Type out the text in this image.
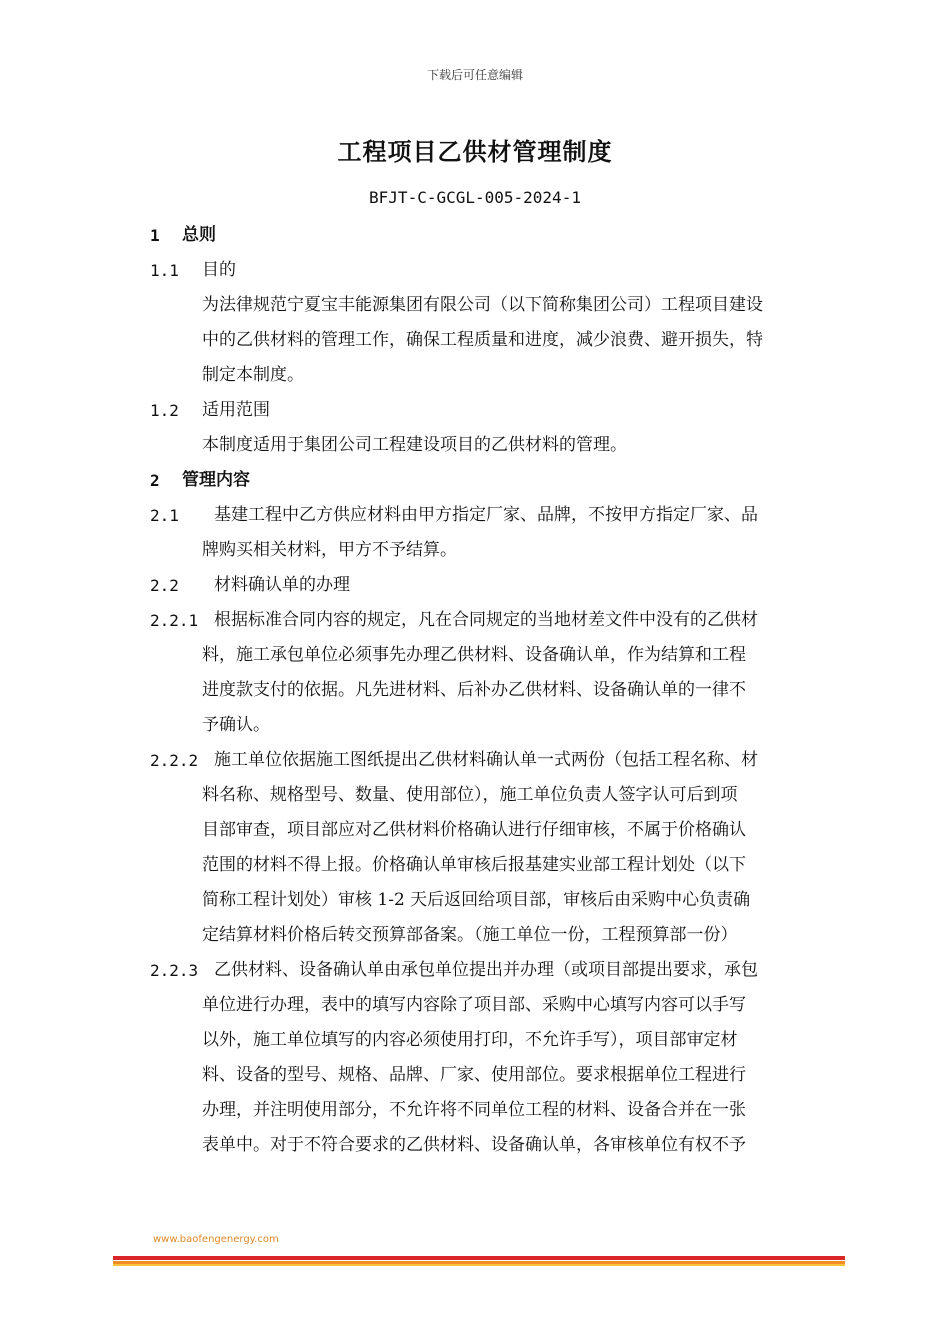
下载后可任意编辑
工程项目乙供材管理制度
BFJT-C-GCGL-005-2024-1
1 总则
1.1 目的
为法律规范宁夏宝丰能源集团有限公司（以下简称集团公司）工程项目建设
中的乙供材料的管理工作，确保工程质量和进度，减少浪费、避开损失，特
制定本制度。
1.2 适用范围
本制度适用于集团公司工程建设项目的乙供材料的管理。
2 管理内容
2.1 基建工程中乙方供应材料由甲方指定厂家、品牌，不按甲方指定厂家、品
牌购买相关材料，甲方不予结算。
2.2 材料确认单的办理
2.2.1 根据标准合同内容的规定，凡在合同规定的当地材差文件中没有的乙供材
料，施工承包单位必须事先办理乙供材料、设备确认单，作为结算和工程
进度款支付的依据。凡先进材料、后补办乙供材料、设备确认单的一律不
予确认。
2.2.2 施工单位依据施工图纸提出乙供材料确认单一式两份（包括工程名称、材
料名称、规格型号、数量、使用部位），施工单位负责人签字认可后到项
目部审查，项目部应对乙供材料价格确认进行仔细审核，不属于价格确认
范围的材料不得上报。价格确认单审核后报基建实业部工程计划处（以下
简称工程计划处）审核 1-2 天后返回给项目部，审核后由采购中心负责确
定结算材料价格后转交预算部备案。（施工单位一份，工程预算部一份）
2.2.3 乙供材料、设备确认单由承包单位提出并办理（或项目部提出要求，承包
单位进行办理，表中的填写内容除了项目部、采购中心填写内容可以手写
以外，施工单位填写的内容必须使用打印，不允许手写），项目部审定材
料、设备的型号、规格、品牌、厂家、使用部位。要求根据单位工程进行
办理，并注明使用部分，不允许将不同单位工程的材料、设备合并在一张
表单中。对于不符合要求的乙供材料、设备确认单，各审核单位有权不予
www.baofengenergy.com
